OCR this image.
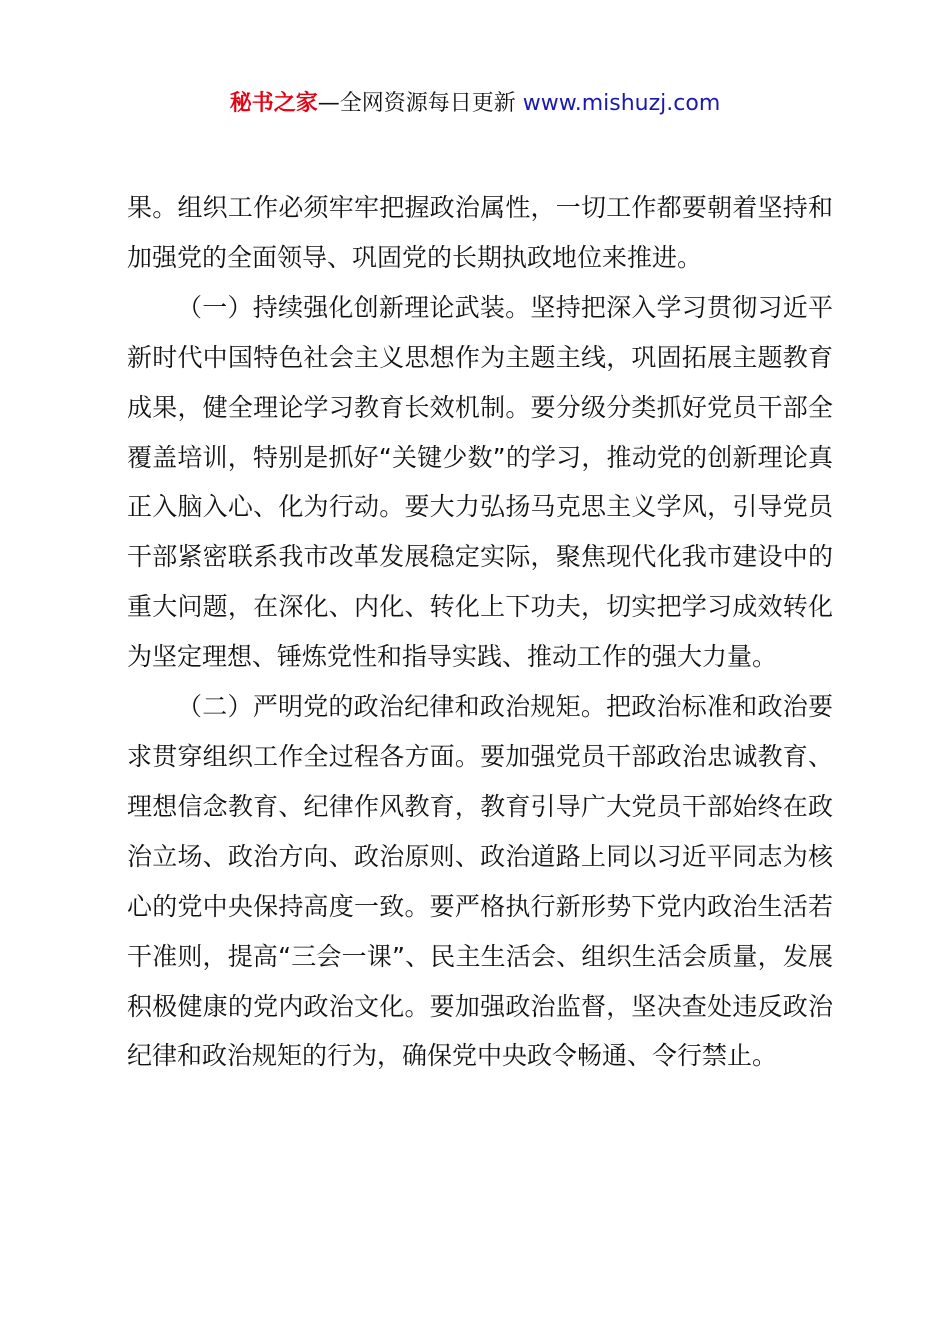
秘书之家—全网资源每日更新 www.mishuzj.com

果。组织工作必须牢牢把握政治属性，一切工作都要朝着坚持和加强党的全面领导、巩固党的长期执政地位来推进。

（一）持续强化创新理论武装。坚持把深入学习贯彻习近平新时代中国特色社会主义思想作为主题主线，巩固拓展主题教育成果，健全理论学习教育长效机制。要分级分类抓好党员干部全覆盖培训，特别是抓好“关键少数”的学习，推动党的创新理论真正入脑入心、化为行动。要大力弘扬马克思主义学风，引导党员干部紧密联系我市改革发展稳定实际，聚焦现代化我市建设中的重大问题，在深化、内化、转化上下功夫，切实把学习成效转化为坚定理想、锤炼党性和指导实践、推动工作的强大力量。

（二）严明党的政治纪律和政治规矩。把政治标准和政治要求贯穿组织工作全过程各方面。要加强党员干部政治忠诚教育、理想信念教育、纪律作风教育，教育引导广大党员干部始终在政治立场、政治方向、政治原则、政治道路上同以习近平同志为核心的党中央保持高度一致。要严格执行新形势下党内政治生活若干准则，提高“三会一课”、民主生活会、组织生活会质量，发展积极健康的党内政治文化。要加强政治监督，坚决查处违反政治纪律和政治规矩的行为，确保党中央政令畅通、令行禁止。
